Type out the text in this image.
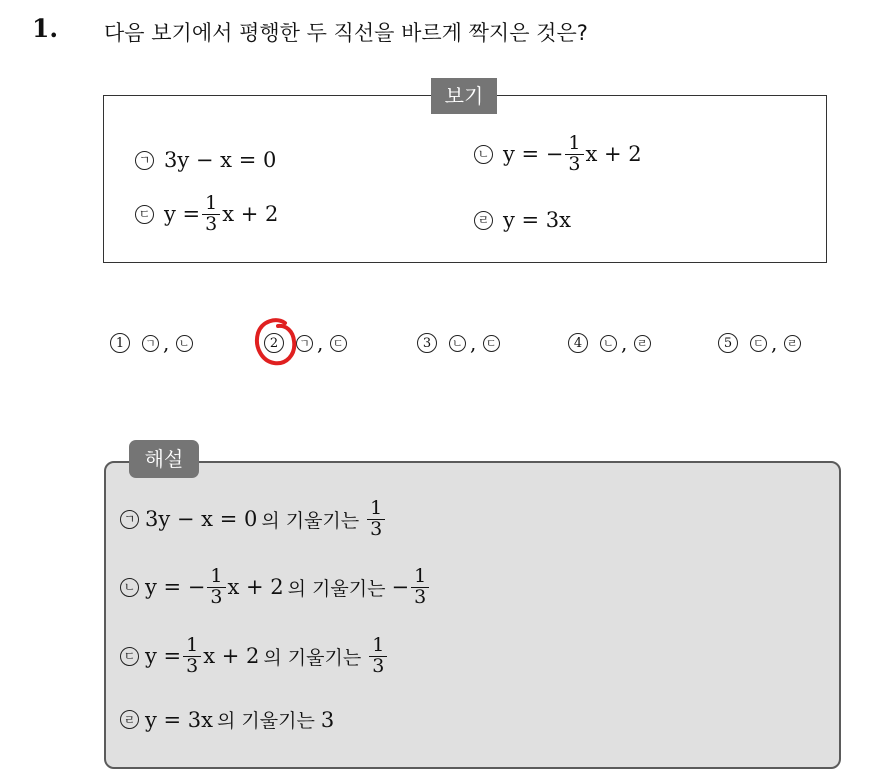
1. 다음 보기에서 평행한 두 직선을 바르게 짝지은 것은?
보기
ㄱ 3y − x = 0	ㄴ y = − $\frac{1}{3}$ x + 2
ㄷ $y = \frac{1}{3}$ x + 2	ㄹ y = 3x
1	ㄱ , ㄴ	2	ㄱ , ㄷ	3	ㄴ , ㄷ	4	ㄴ , ㄹ	5	ㄷ , ㄹ
해설
ㄱ 3y − x = 0 의 기울기는 $\frac{1}{3}$
ㄴ y = − $\frac{1}{3}$ x + 2 의 기울기는 − $\frac{1}{3}$
ㄷ $y = \frac{1}{3}$ x + 2 의 기울기는 $\frac{1}{3}$
ㄹ y = 3x 의 기울기는 3
